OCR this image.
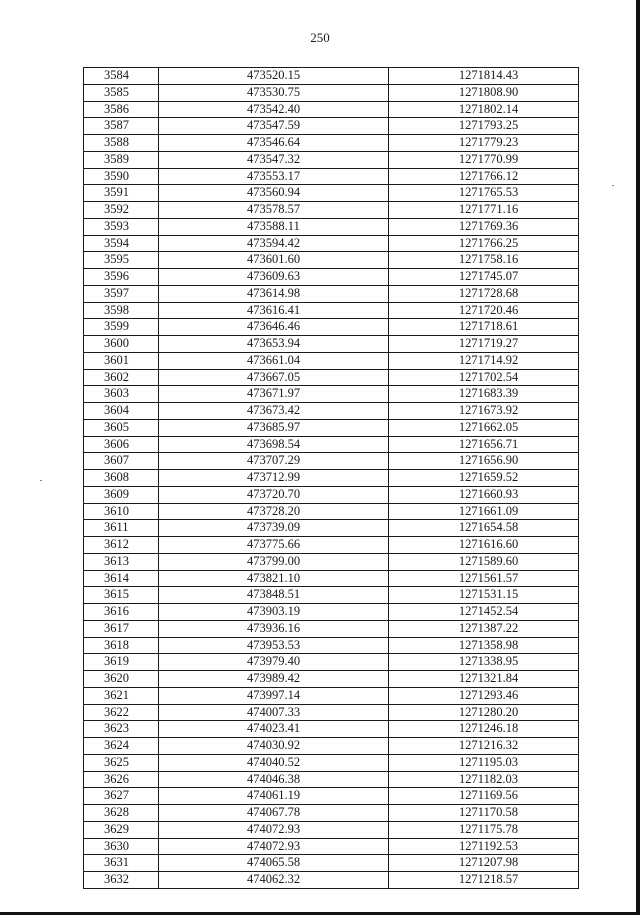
250
3584	473520.15	1271814.43
3585	473530.75	1271808.90
3586	473542.40	1271802.14
3587	473547.59	1271793.25
3588	473546.64	1271779.23
3589	473547.32	1271770.99
3590	473553.17	1271766.12
3591	473560.94	1271765.53
3592	473578.57	1271771.16
3593	473588.11	1271769.36
3594	473594.42	1271766.25
3595	473601.60	1271758.16
3596	473609.63	1271745.07
3597	473614.98	1271728.68
3598	473616.41	1271720.46
3599	473646.46	1271718.61
3600	473653.94	1271719.27
3601	473661.04	1271714.92
3602	473667.05	1271702.54
3603	473671.97	1271683.39
3604	473673.42	1271673.92
3605	473685.97	1271662.05
3606	473698.54	1271656.71
3607	473707.29	1271656.90
3608	473712.99	1271659.52
3609	473720.70	1271660.93
3610	473728.20	1271661.09
3611	473739.09	1271654.58
3612	473775.66	1271616.60
3613	473799.00	1271589.60
3614	473821.10	1271561.57
3615	473848.51	1271531.15
3616	473903.19	1271452.54
3617	473936.16	1271387.22
3618	473953.53	1271358.98
3619	473979.40	1271338.95
3620	473989.42	1271321.84
3621	473997.14	1271293.46
3622	474007.33	1271280.20
3623	474023.41	1271246.18
3624	474030.92	1271216.32
3625	474040.52	1271195.03
3626	474046.38	1271182.03
3627	474061.19	1271169.56
3628	474067.78	1271170.58
3629	474072.93	1271175.78
3630	474072.93	1271192.53
3631	474065.58	1271207.98
3632	474062.32	1271218.57
